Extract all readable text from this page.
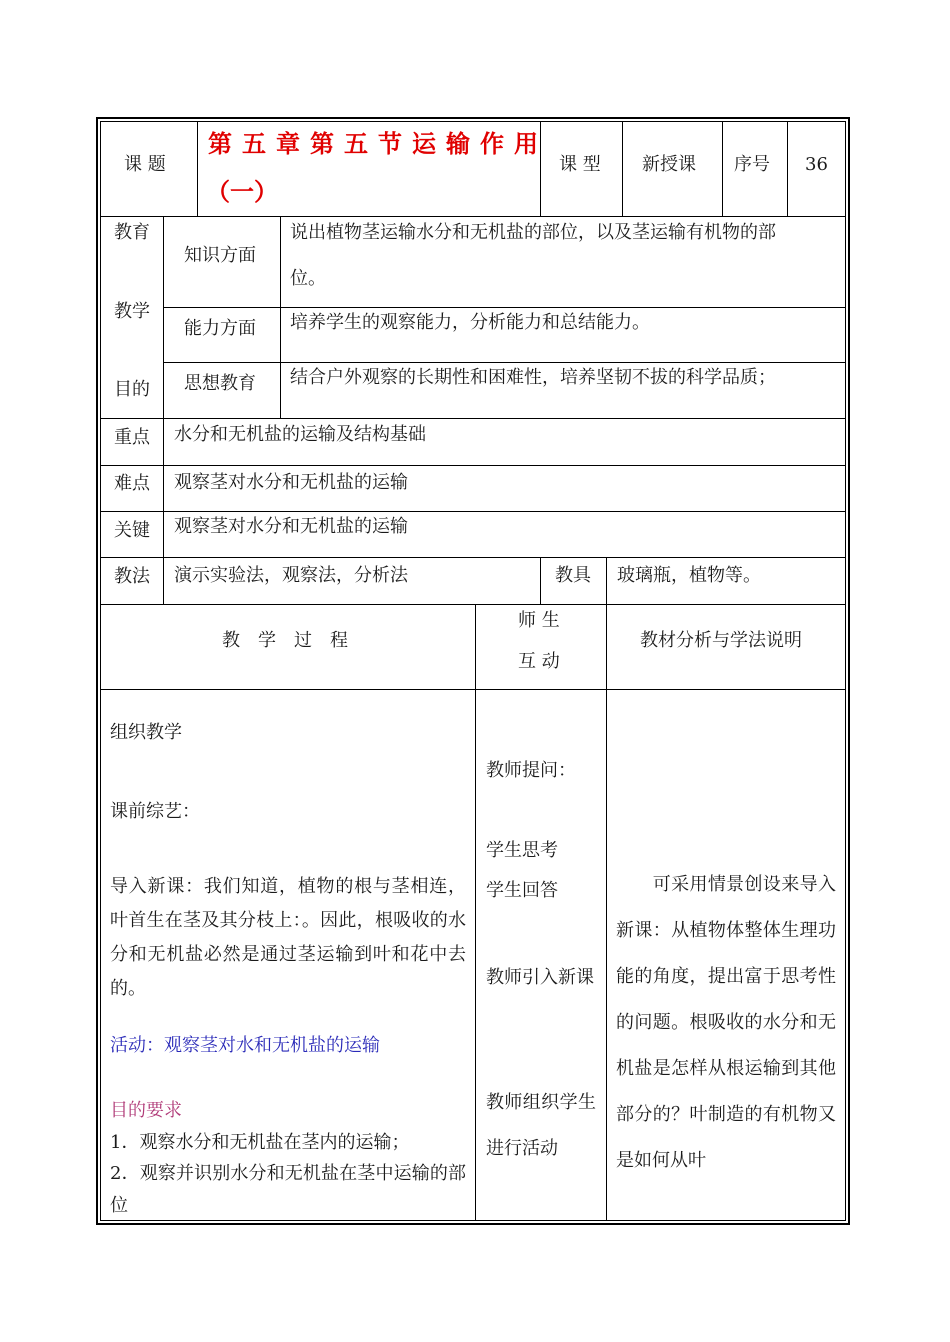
课 题
第五章第五节运输作用
（一）
课 型 新授课 序号 36
教育
教学
目的
知识方面
说出植物茎运输水分和无机盐的部位，以及茎运输有机物的部
位。
能力方面 培养学生的观察能力，分析能力和总结能力。
思想教育 结合户外观察的长期性和困难性，培养坚韧不拔的科学品质；
重点 水分和无机盐的运输及结构基础
难点 观察茎对水分和无机盐的运输
关键 观察茎对水分和无机盐的运输
教法 演示实验法，观察法，分析法	教具 玻璃瓶，植物等。
教　学　过　程
师 生
互 动
教材分析与学法说明
组织教学
课前综艺：
导入新课：我们知道，植物的根与茎相连，叶首生在茎及其分枝上：。因此，根吸收的水分和无机盐必然是通过茎运输到叶和花中去的。
活动：观察茎对水和无机盐的运输
目的要求
1．观察水分和无机盐在茎内的运输；
2．观察并识别水分和无机盐在茎中运输的部位
教师提问：
学生思考
学生回答
教师引入新课
教师组织学生进行活动
　　可采用情景创设来导入新课：从植物体整体生理功能的角度，提出富于思考性的问题。根吸收的水分和无机盐是怎样从根运输到其他部分的？叶制造的有机物又是如何从叶
